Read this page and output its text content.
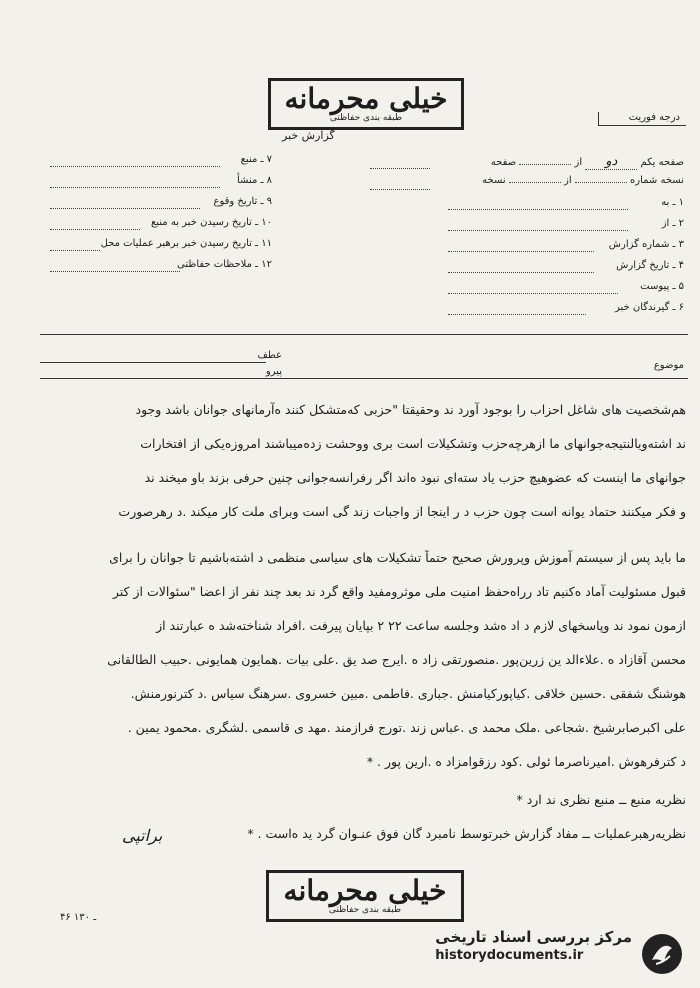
خیلی محرمانه
طبقه بندی حفاظتی
گزارش خبر
درجه فوریت
صفحه یکم دو از  صفحه
نسخه شماره  از  نسخه
۱ ـ به
۲ ـ از
۳ ـ شماره گزارش
۴ ـ تاریخ گزارش
۵ ـ پیوست
۶ ـ گیرندگان خبر
۷ ـ منبع
۸ ـ منشأ
۹ ـ تاریخ وقوع
۱۰ ـ تاریخ رسیدن خبر به منبع
۱۱ ـ تاریخ رسیدن خبر برهبر عملیات محل
۱۲ ـ ملاحظات حفاظتی
عطف
پیرو
موضوع
هم‌شخصیت های شاغل احزاب را بوجود آورد ند وحقیقتا "حزبی که‌متشکل کنند ه‌آرمانهای جوانان باشد وجود
ند اشته‌ویالنتیجه‌جوانهای ما ازهرچه‌حزب وتشکیلات است بری ووحشت زده‌میباشند امروزه‌یکی از افتخارات
جوانهای ما اینست که عضوهیچ حزب یاد سته‌ای نبود ه‌اند اگر رفرانسه‌جوانی چنین حرفی بزند باو میخند ند
و فکر میکنند حتماد یوانه است چون حزب د ر اینجا از واجبات زند گی است وبرای ملت کار میکند .د رهرصورت
ما باید پس از سیستم آموزش وپرورش صحیح حتماً تشکیلات های سیاسی منظمی د اشته‌باشیم تا جوانان را برای
قبول مسئولیت آماد ه‌کنیم تاد رراه‌حفظ امنیت ملی مو‌ثرومفید واقع گرد ند بعد چند نفر از اعضا "سئوالات از کتر
ازمون نمود ند وپاسخهای لازم د اد ه‌شد وجلسه ساعت ۲۲ ۲ بپایان پیرفت .افراد شناخته‌شد ه عبارتند از
محسن آقازاد ه .علاء‌الد ین زرین‌پور .منصورتقی زاد ه .ایرج صد یق .علی بیات .همایون همایونی .حبیب الطالقانی
هوشنگ شفقی .حسین خلاقی .کیاپورکیامنش .جباری .فاطمی .مبین خسروی .سرهنگ سیاس .د کترنورمنش.
علی اکبرصابرشیخ .شجاعی .ملک محمد ی .عباس زند .تورج فرازمند .مهد ی قاسمی .لشگری .محمود یمین .
د کترفرهوش .امیرناصرما ئولی .کود رزقوامزاد ه .ارین پور . *
نظریه منبع ــ منبع نظری ند ارد *
نظریه‌رهبرعملیات ــ مفاد گزارش خبرتوسط نامبرد گان فوق عنـوان گرد ید ه‌است . *
براتپی
خیلی محرمانه
طبقه بندی حفاظتی
۴۶ ـ ۱۳۰
مرکز بررسی اسناد تاریخی
historydocuments.ir
